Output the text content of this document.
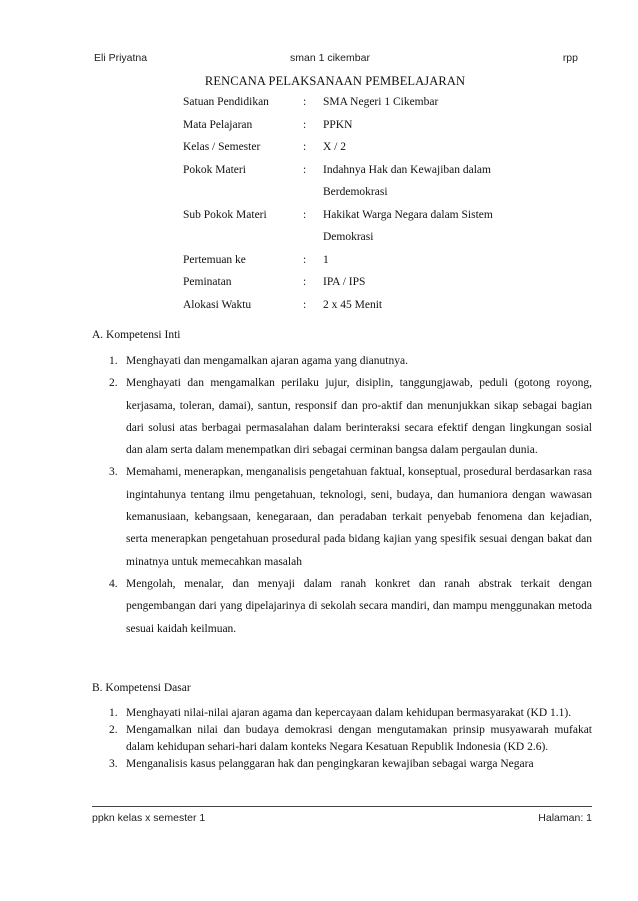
Eli Priyatna	sman 1 cikembar	rpp
RENCANA PELAKSANAAN PEMBELAJARAN
Satuan Pendidikan	:	SMA Negeri 1 Cikembar
Mata Pelajaran	:	PPKN
Kelas / Semester	:	X / 2
Pokok Materi	:	Indahnya Hak dan Kewajiban dalam Berdemokrasi
Sub Pokok Materi	:	Hakikat Warga Negara dalam Sistem Demokrasi
Pertemuan ke	:	1
Peminatan	:	IPA / IPS
Alokasi Waktu	:	2 x 45 Menit
A. Kompetensi Inti
1. Menghayati dan mengamalkan ajaran agama yang dianutnya.
2. Menghayati dan mengamalkan perilaku jujur, disiplin, tanggungjawab, peduli (gotong royong, kerjasama, toleran, damai), santun, responsif dan pro-aktif dan menunjukkan sikap sebagai bagian dari solusi atas berbagai permasalahan dalam berinteraksi secara efektif dengan lingkungan sosial dan alam serta dalam menempatkan diri sebagai cerminan bangsa dalam pergaulan dunia.
3. Memahami, menerapkan, menganalisis pengetahuan faktual, konseptual, prosedural berdasarkan rasa ingintahunya tentang ilmu pengetahuan, teknologi, seni, budaya, dan humaniora dengan wawasan kemanusiaan, kebangsaan, kenegaraan, dan peradaban terkait penyebab fenomena dan kejadian, serta menerapkan pengetahuan prosedural pada bidang kajian yang spesifik sesuai dengan bakat dan minatnya untuk memecahkan masalah
4. Mengolah, menalar, dan menyaji dalam ranah konkret dan ranah abstrak terkait dengan pengembangan dari yang dipelajarinya di sekolah secara mandiri, dan mampu menggunakan metoda sesuai kaidah keilmuan.
B. Kompetensi Dasar
1. Menghayati nilai-nilai ajaran agama dan kepercayaan dalam kehidupan bermasyarakat (KD 1.1).
2. Mengamalkan nilai dan budaya demokrasi dengan mengutamakan prinsip musyawarah mufakat dalam kehidupan sehari-hari dalam konteks Negara Kesatuan Republik Indonesia (KD 2.6).
3. Menganalisis kasus pelanggaran hak dan pengingkaran kewajiban sebagai warga Negara
ppkn kelas x semester 1	Halaman: 1
